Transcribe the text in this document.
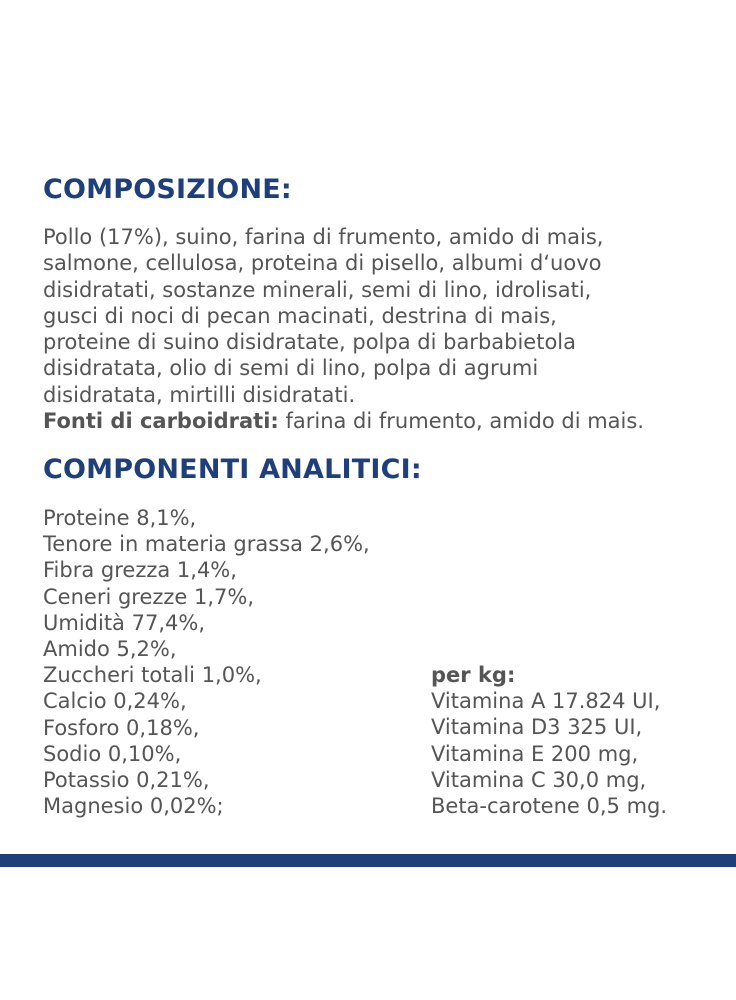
COMPOSIZIONE:

Pollo (17%), suino, farina di frumento, amido di mais,
salmone, cellulosa, proteina di pisello, albumi d‘uovo
disidratati, sostanze minerali, semi di lino, idrolisati,
gusci di noci di pecan macinati, destrina di mais,
proteine di suino disidratate, polpa di barbabietola
disidratata, olio di semi di lino, polpa di agrumi
disidratata, mirtilli disidratati.
Fonti di carboidrati: farina di frumento, amido di mais.

COMPONENTI ANALITICI:
Proteine 8,1%,
Tenore in materia grassa 2,6%,
Fibra grezza 1,4%,
Ceneri grezze 1,7%,
Umidità 77,4%,
Amido 5,2%,
Zuccheri totali 1,0%,
Calcio 0,24%,
Fosforo 0,18%,
Sodio 0,10%,
Potassio 0,21%,
Magnesio 0,02%;
per kg:
Vitamina A 17.824 UI,
Vitamina D3 325 UI,
Vitamina E 200 mg,
Vitamina C 30,0 mg,
Beta-carotene 0,5 mg.
